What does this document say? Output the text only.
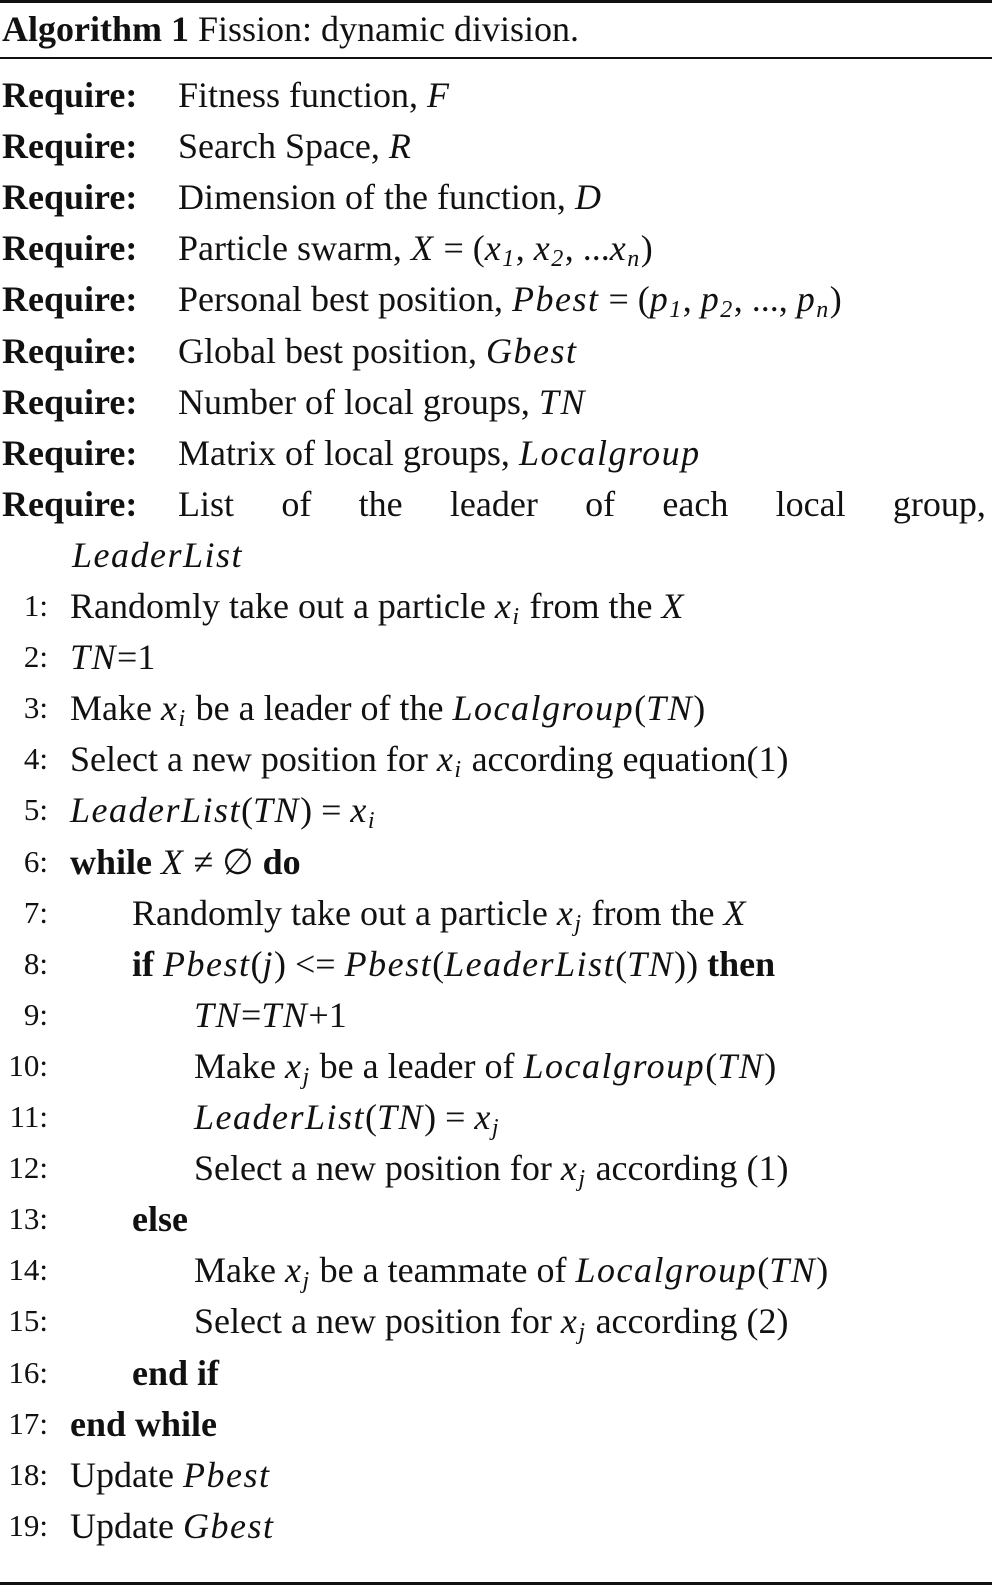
Algorithm 1 Fission: dynamic division.
Require: Fitness function, F
Require: Search Space, R
Require: Dimension of the function, D
Require: Particle swarm, $X = (x_1$, $x_2$, $...x_n$)
Require: Personal best position, Pbest = ($p_1$, $p_2$, ..., $p_n$)
Require: Global best position, Gbest
Require: Number of local groups, TN
Require: Matrix of local groups, Localgroup
Require: List of the leader of each local group,
LeaderList
1: Randomly take out a particle $x_i$ from the X
2: TN=1
3: Make $x_i$ be a leader of the Localgroup(TN)
4: Select a new position for $x_i$ according equation(1)
5: LeaderList(TN) = $x_i$
6: while X ≠ ∅ do
7: Randomly take out a particle $x_j$ from the X
8: if Pbest(j) <= Pbest(LeaderList(TN)) then
9:	TN=TN+1
10:	Make $x_j$ be a leader of Localgroup(TN)
11:	LeaderList(TN) = $x_j$
12:	Select a new position for $x_j$ according (1)
13: else
14:	Make $x_j$ be a teammate of Localgroup(TN)
15:	Select a new position for $x_j$ according (2)
16: end if
17: end while
18: Update Pbest
19: Update Gbest
